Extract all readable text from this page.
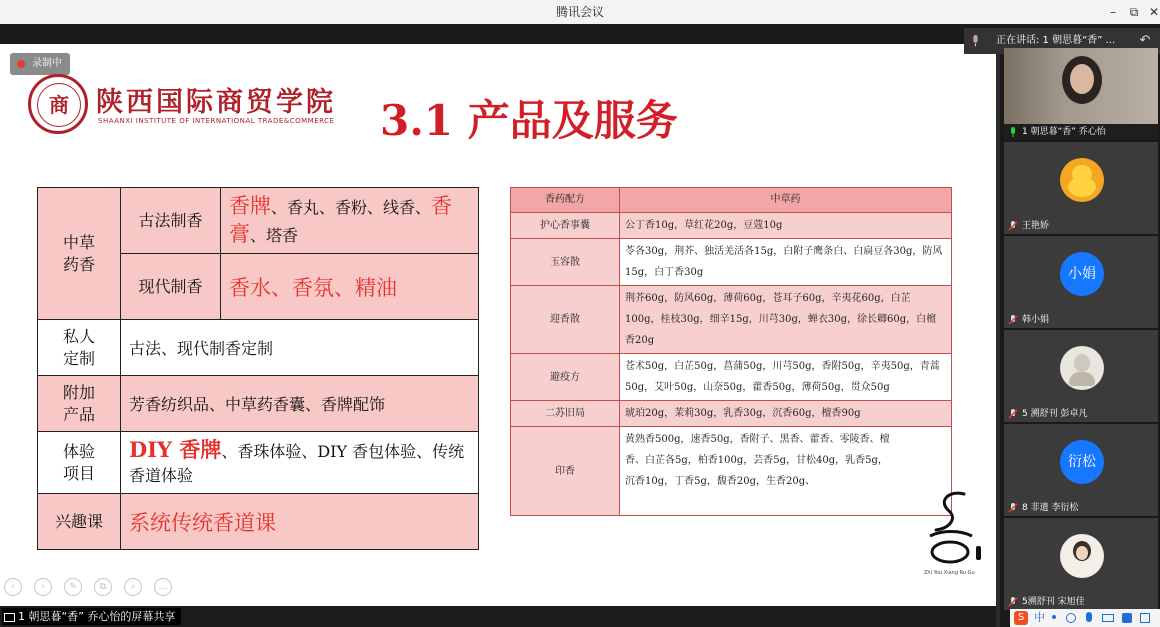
腾讯会议	–	⧉ ✕
录制中
商	陕西国际商贸学院
SHAANXI INSTITUTE OF INTERNATIONAL TRADE&COMMERCE 3.1 产品及服务
中草药香	古法制香	香牌、香丸、香粉、线香、香膏、塔香
	现代制香	香水、香氛、精油
私人定制	古法、现代制香定制	
附加产品	芳香纺织品、中草药香囊、香牌配饰	
体验项目	DIY 香牌、香珠体验、DIY 香包体验、传统香道体验	
兴趣课	系统传统香道课	
香药配方	中草药
护心香事囊	公丁香10g，草红花20g，豆蔻10g
玉容散	苓各30g，荆芥、独活羌活各15g，白附子鹰条白、白扁豆各30g，防风15g，白丁香30g
迎香散	荆芥60g，防风60g，薄荷60g，苍耳子60g，辛夷花60g，白芷100g，桂枝30g，细辛15g，川芎30g，蝉衣30g，徐长卿60g，白檀香20g
避疫方	苍术50g，白芷50g，菖蒲50g，川芎50g，香附50g，辛夷50g，青蒿50g，艾叶50g，山奈50g，藿香50g，薄荷50g，贯众50g
二苏旧局	琥珀20g，茉莉30g，乳香30g，沉香60g，檀香90g
印香	黄熟香500g，速香50g，香附子、黑香、藿香、零陵香、檀香、白芷各5g，柏香100g，芸香5g，甘松40g，乳香5g，沉香10g，丁香5g，馥香20g，生香20g、
Zhi You Xiang Ru Gu
‹	›	✎	⧉	⌕	…
1 朝思暮“香” 乔心怡的屏幕共享
正在讲话: 1 朝思暮“香” ...	↶
1 朝思暮“香” 乔心怡
王艳娇
小娟
韩小娟
5 溯舒刊 彭卓凡
衍松
8 非遗 李衍松
5溯舒刊 宋旭佳
S 中
